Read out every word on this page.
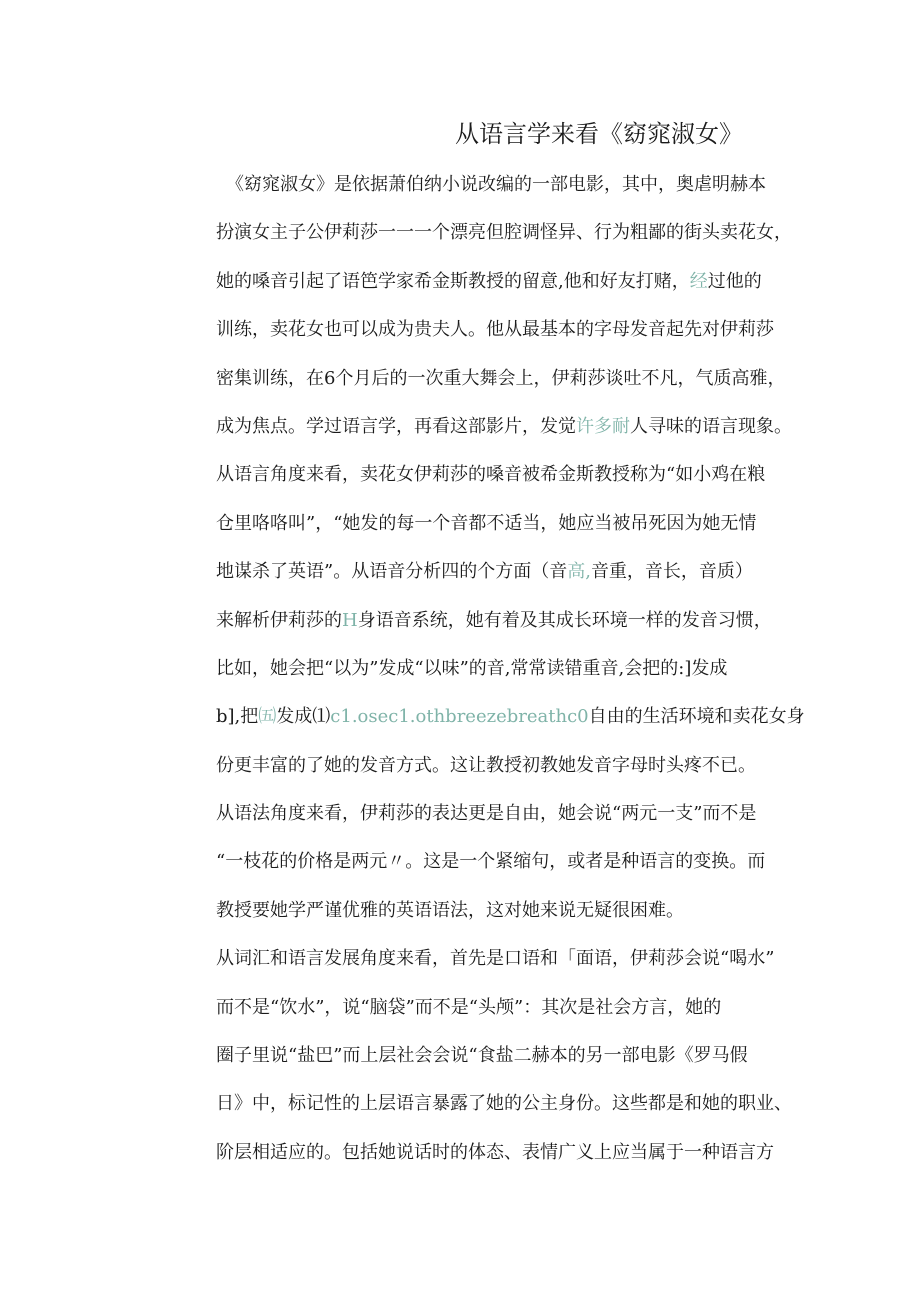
从语言学来看《窈窕淑女》
《窈窕淑女》是依据萧伯纳小说改编的一部电影，其中，奥虐明赫本
扮演女主子公伊莉莎一一一个漂亮但腔调怪异、行为粗鄙的街头卖花女，
她的嗓音引起了语笆学家希金斯教授的留意,他和好友打赌，经过他的
训练，卖花女也可以成为贵夫人。他从最基本的字母发音起先对伊莉莎
密集训练，在6个月后的一次重大舞会上，伊莉莎谈吐不凡，气质高雅，
成为焦点。学过语言学，再看这部影片，发觉许多耐人寻味的语言现象。
从语言角度来看，卖花女伊莉莎的嗓音被希金斯教授称为“如小鸡在粮
仓里咯咯叫”，“她发的每一个音都不适当，她应当被吊死因为她无情
地谋杀了英语”。从语音分析四的个方面（音高,音重，音长，音质）
来解析伊莉莎的H身语音系统，她有着及其成长环境一样的发音习惯，
比如，她会把“以为”发成“以味”的音,常常读错重音,会把的:]发成
b],把㈤发成⑴c1.osec1.othbreezebreathc0自由的生活环境和卖花女身
份更丰富的了她的发音方式。这让教授初教她发音字母时头疼不已。
从语法角度来看，伊莉莎的表达更是自由，她会说“两元一支”而不是
“一枝花的价格是两元〃。这是一个紧缩句，或者是种语言的变换。而
教授要她学严谨优雅的英语语法，这对她来说无疑很困难。
从词汇和语言发展角度来看，首先是口语和「面语，伊莉莎会说“喝水”
而不是“饮水”，说“脑袋”而不是“头颅”：其次是社会方言，她的
圈子里说“盐巴”而上层社会会说“食盐二赫本的另一部电影《罗马假
日》中，标记性的上层语言暴露了她的公主身份。这些都是和她的职业、
阶层相适应的。包括她说话时的体态、表情广义上应当属于一种语言方
